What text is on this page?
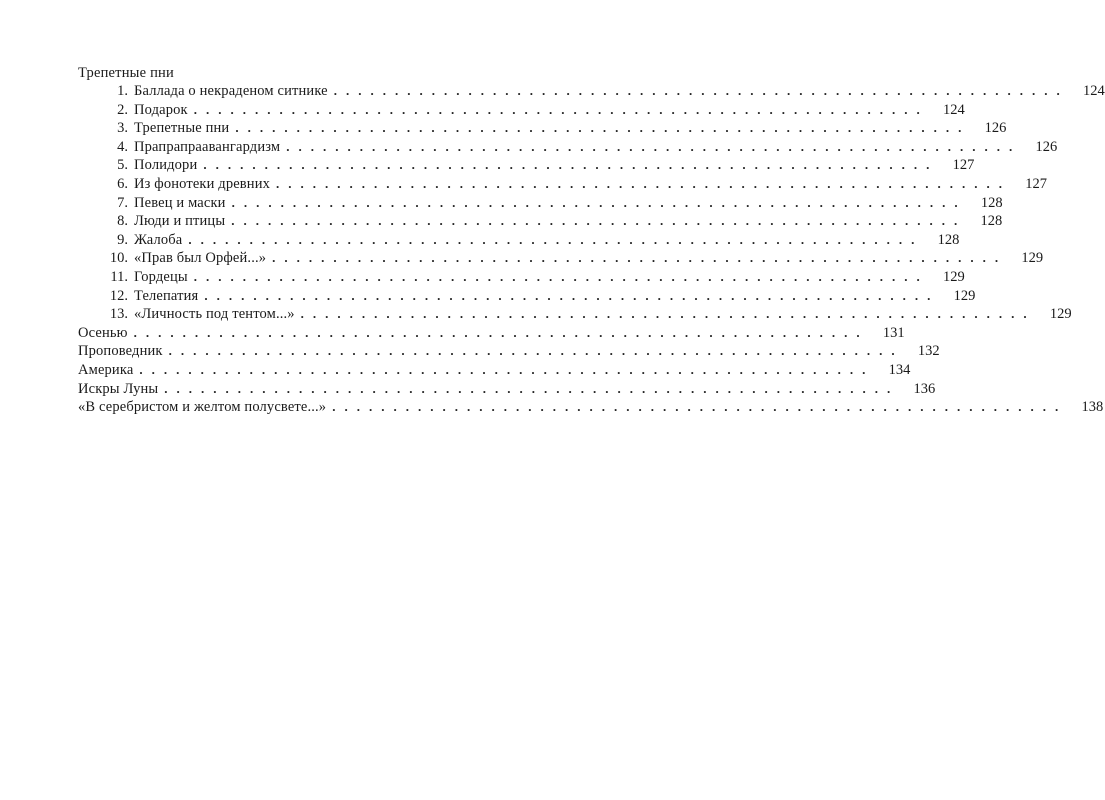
Трепетные пни
1. Баллада о некраденом ситнике ............................................................ 124
2. Подарок ............................................................ 124
3. Трепетные пни ............................................................ 126
4. Прапрапраавангардизм ............................................................ 126
5. Полидори ............................................................ 127
6. Из фонотеки древних ............................................................ 127
7. Певец и маски ............................................................ 128
8. Люди и птицы ............................................................ 128
9. Жалоба ............................................................ 128
10. «Прав был Орфей...» ............................................................ 129
11. Гордецы ............................................................ 129
12. Телепатия ............................................................ 129
13. «Личность под тентом...» ............................................................ 129
Осенью ............................................................ 131
Проповедник ............................................................ 132
Америка ............................................................ 134
Искры Луны ............................................................ 136
«В серебристом и желтом полусвете...» ............................................................ 138
